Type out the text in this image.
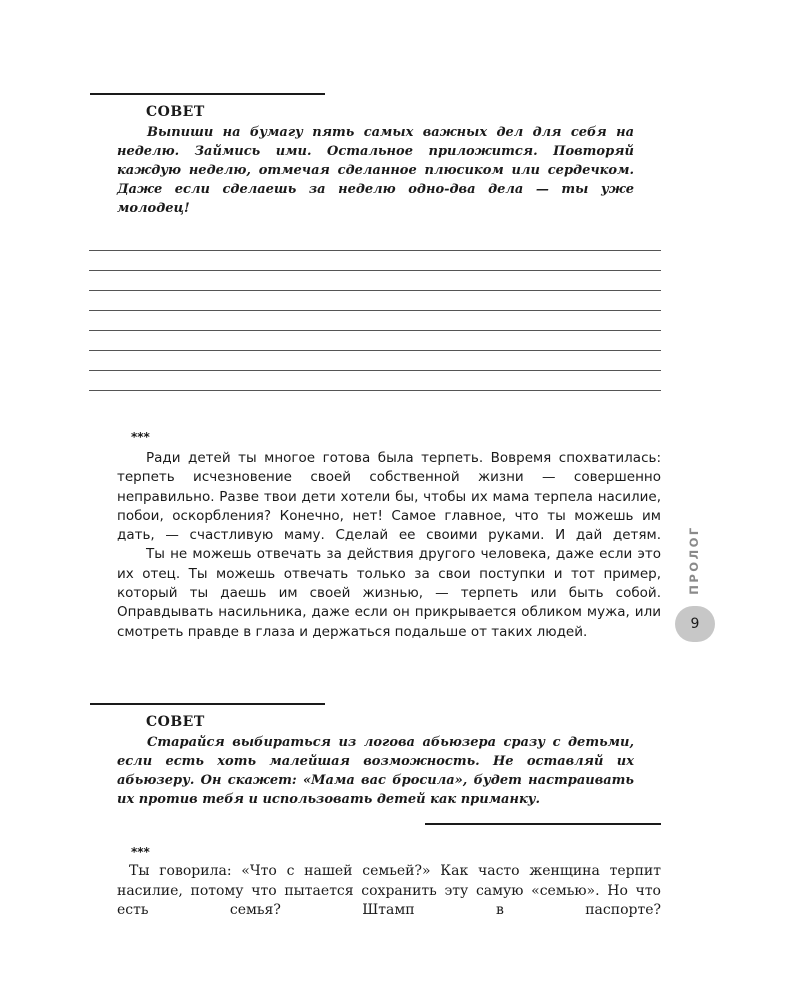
СОВЕТ

Выпиши на бумагу пять самых важных дел для себя на неделю. Займись ими. Остальное приложится. Повторяй каждую неделю, отмечая сделанное плюсиком или сердечком. Даже если сделаешь за неделю одно-два дела — ты уже молодец!

***

Ради детей ты многое готова была терпеть. Вовремя спохватилась: терпеть исчезновение своей собственной жизни — совершенно неправильно. Разве твои дети хотели бы, чтобы их мама терпела насилие, побои, оскорбления? Конечно, нет! Самое главное, что ты можешь им дать, — счастливую маму. Сделай ее своими руками. И дай детям.

Ты не можешь отвечать за действия другого человека, даже если это их отец. Ты можешь отвечать только за свои поступки и тот пример, который ты даешь им своей жизнью, — терпеть или быть собой. Оправдывать насильника, даже если он прикрывается обликом мужа, или смотреть правде в глаза и держаться подальше от таких людей.

СОВЕТ

Старайся выбираться из логова абьюзера сразу с детьми, если есть хоть малейшая возможность. Не оставляй их абьюзеру. Он скажет: «Мама вас бросила», будет настраивать их против тебя и использовать детей как приманку.

***

Ты говорила: «Что с нашей семьей?» Как часто женщина терпит насилие, потому что пытается сохранить эту самую «семью». Но что есть семья? Штамп в паспорте?

ПРОЛОГ
9
